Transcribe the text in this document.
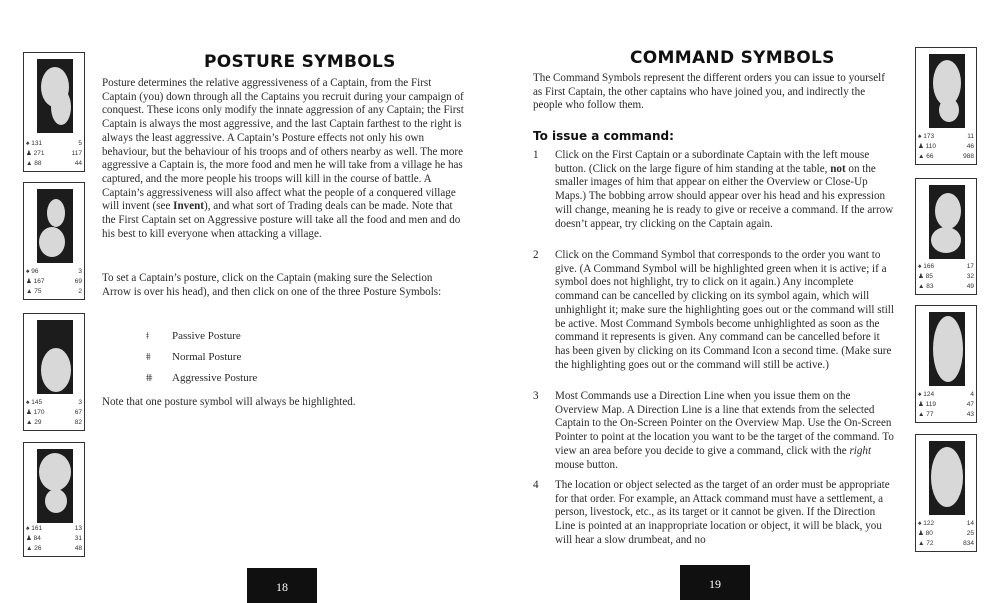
POSTURE SYMBOLS
Posture determines the relative aggressiveness of a Captain, from the First Captain (you) down through all the Captains you recruit during your campaign of conquest. These icons only modify the innate aggression of any Captain; the First Captain is always the most aggressive, and the last Captain farthest to the right is always the least aggressive. A Captain’s Posture effects not only his own behaviour, but the behaviour of his troops and of others nearby as well. The more aggressive a Captain is, the more food and men he will take from a village he has captured, and the more people his troops will kill in the course of battle. A Captain’s aggressiveness will also affect what the people of a conquered village will invent (see Invent), and what sort of Trading deals can be made. Note that the First Captain set on Aggressive posture will take all the food and men and do his best to kill everyone when attacking a village.
To set a Captain’s posture, click on the Captain (making sure the Selection Arrow is over his head), and then click on one of the three Posture Symbols:
ǂ	Passive Posture
ǂǂ	Normal Posture
ǂǂǂ	Aggressive Posture
Note that one posture symbol will always be highlighted.
18
COMMAND SYMBOLS
The Command Symbols represent the different orders you can issue to yourself as First Captain, the other captains who have joined you, and indirectly the people who follow them.
To issue a command:
1 Click on the First Captain or a subordinate Captain with the left mouse button. (Click on the large figure of him standing at the table, not on the smaller images of him that appear on either the Overview or Close-Up Maps.) The bobbing arrow should appear over his head and his expression will change, meaning he is ready to give or receive a command. If the arrow doesn’t appear, try clicking on the Captain again.
2 Click on the Command Symbol that corresponds to the order you want to give. (A Command Symbol will be highlighted green when it is active; if a symbol does not highlight, try to click on it again.) Any incomplete command can be cancelled by clicking on its symbol again, which will unhighlight it; make sure the highlighting goes out or the command will still be active. Most Command Symbols become unhighlighted as soon as the command it represents is given. Any command can be cancelled before it has been given by clicking on its Command Icon a second time. (Make sure the highlighting goes out or the command will still be active.)
3 Most Commands use a Direction Line when you issue them on the Overview Map. A Direction Line is a line that extends from the selected Captain to the On-Screen Pointer on the Overview Map. Use the On-Screen Pointer to point at the location you want to be the target of the command. To view an area before you decide to give a command, click with the right mouse button.
4 The location or object selected as the target of an order must be appropriate for that order. For example, an Attack command must have a settlement, a person, livestock, etc., as its target or it cannot be given. If the Direction Line is pointed at an inappropriate location or object, it will be black, you will hear a slow drumbeat, and no
19
♠ 131	5
♟ 271	117
▲ 88	44
♠ 96	3
♟ 167	69
▲ 75	2
♠ 145	3
♟ 170	67
▲ 29	82
♠ 161	13
♟ 84	31
▲ 26	48
♠ 173	11
♟ 110	46
▲ 66	988
♠ 166	17
♟ 85	32
▲ 83	49
♠ 124	4
♟ 119	47
▲ 77	43
♠ 122	14
♟ 80	25
▲ 72	834
